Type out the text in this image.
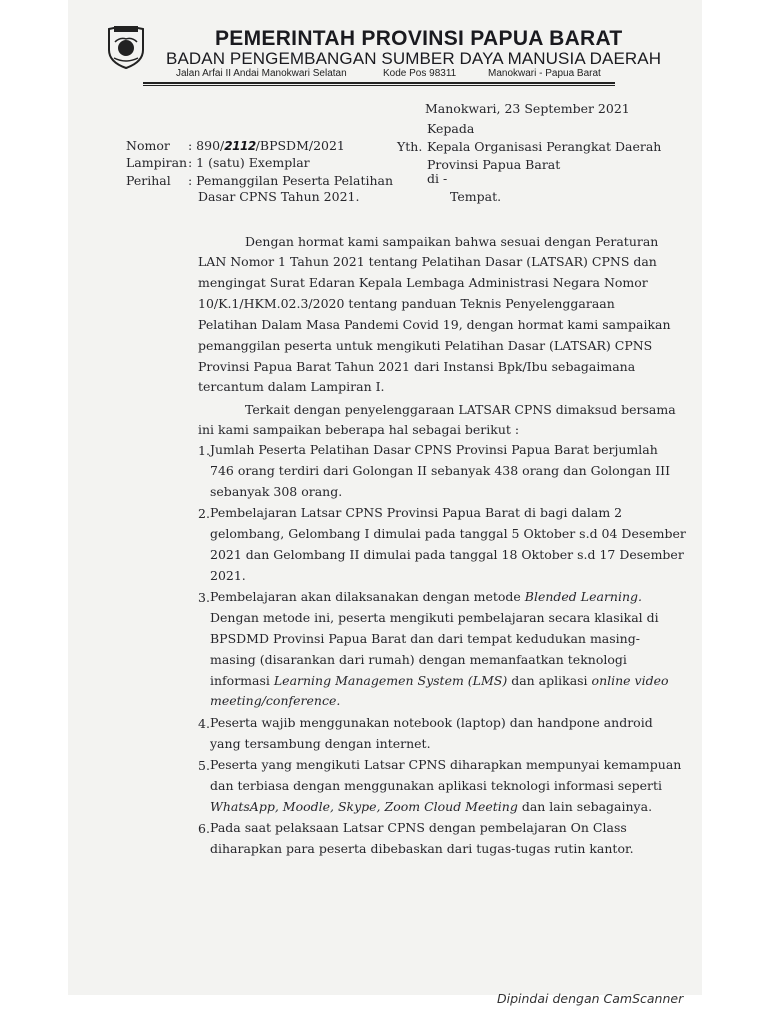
PEMERINTAH PROVINSI PAPUA BARAT
BADAN PENGEMBANGAN SUMBER DAYA MANUSIA DAERAH
Jalan Arfai II Andai Manokwari Selatan	Kode Pos 98311	Manokwari - Papua Barat
Manokwari, 23 September 2021
Kepada
Yth. Kepala Organisasi Perangkat Daerah
Provinsi Papua Barat
di -
Tempat.
Nomor : 890/2112/BPSDM/2021
Lampiran : 1 (satu) Exemplar
Perihal : Pemanggilan Peserta Pelatihan
Dasar CPNS Tahun 2021.
Dengan hormat kami sampaikan bahwa sesuai dengan Peraturan
LAN Nomor 1 Tahun 2021 tentang Pelatihan Dasar (LATSAR) CPNS dan
mengingat Surat Edaran Kepala Lembaga Administrasi Negara Nomor
10/K.1/HKM.02.3/2020 tentang panduan Teknis Penyelenggaraan
Pelatihan Dalam Masa Pandemi Covid 19, dengan hormat kami sampaikan
pemanggilan peserta untuk mengikuti Pelatihan Dasar (LATSAR) CPNS
Provinsi Papua Barat Tahun 2021 dari Instansi Bpk/Ibu sebagaimana
tercantum dalam Lampiran I.
Terkait dengan penyelenggaraan LATSAR CPNS dimaksud bersama
ini kami sampaikan beberapa hal sebagai berikut :
1. Jumlah Peserta Pelatihan Dasar CPNS Provinsi Papua Barat berjumlah
746 orang terdiri dari Golongan II sebanyak 438 orang dan Golongan III
sebanyak 308 orang.
2. Pembelajaran Latsar CPNS Provinsi Papua Barat di bagi dalam 2
gelombang, Gelombang I dimulai pada tanggal 5 Oktober s.d 04 Desember
2021 dan Gelombang II dimulai pada tanggal 18 Oktober s.d 17 Desember
2021.
3. Pembelajaran akan dilaksanakan dengan metode Blended Learning.
Dengan metode ini, peserta mengikuti pembelajaran secara klasikal di
BPSDMD Provinsi Papua Barat dan dari tempat kedudukan masing-
masing (disarankan dari rumah) dengan memanfaatkan teknologi
informasi Learning Managemen System (LMS) dan aplikasi online video
meeting/conference.
4. Peserta wajib menggunakan notebook (laptop) dan handpone android
yang tersambung dengan internet.
5. Peserta yang mengikuti Latsar CPNS diharapkan mempunyai kemampuan
dan terbiasa dengan menggunakan aplikasi teknologi informasi seperti
WhatsApp, Moodle, Skype, Zoom Cloud Meeting dan lain sebagainya.
6. Pada saat pelaksaan Latsar CPNS dengan pembelajaran On Class
diharapkan para peserta dibebaskan dari tugas-tugas rutin kantor.
Dipindai dengan CamScanner
